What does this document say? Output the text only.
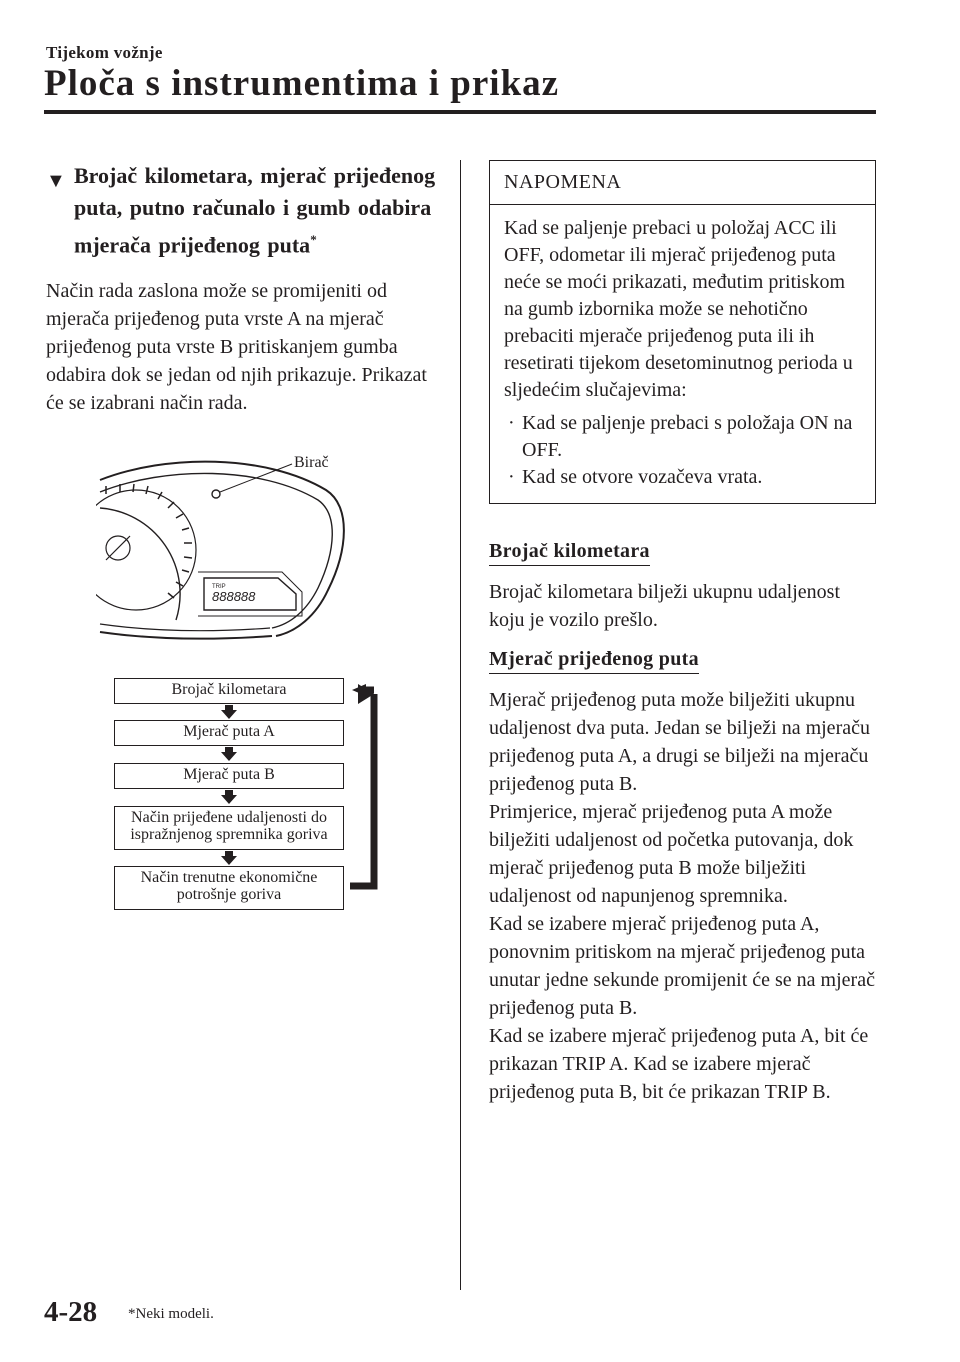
Tijekom vožnje
Ploča s instrumentima i prikaz
▼ Brojač kilometara, mjerač prijeđenog puta, putno računalo i gumb odabira mjerača prijeđenog puta*

Način rada zaslona može se promijeniti od mjerača prijeđenog puta vrste A na mjerač prijeđenog puta vrste B pritiskanjem gumba odabira dok se jedan od njih prikazuje. Prikazat će se izabrani način rada.

TRIP
888888
Birač
Brojač kilometara
Mjerač puta A
Mjerač puta B
Način prijeđene udaljenosti do ispražnjenog spremnika goriva
Način trenutne ekonomične potrošnje goriva
NAPOMENA
Kad se paljenje prebaci u položaj ACC ili OFF, odometar ili mjerač prijeđenog puta neće se moći prikazati, međutim pritiskom na gumb izbornika može se nehotično prebaciti mjerače prijeđenog puta ili ih resetirati tijekom desetominutnog perioda u sljedećim slučajevima:
· Kad se paljenje prebaci s položaja ON na OFF.
· Kad se otvore vozačeva vrata.
Brojač kilometara

Brojač kilometara bilježi ukupnu udaljenost koju je vozilo prešlo.

Mjerač prijeđenog puta

Mjerač prijeđenog puta može bilježiti ukupnu udaljenost dva puta. Jedan se bilježi na mjeraču prijeđenog puta A, a drugi se bilježi na mjeraču prijeđenog puta B.

Primjerice, mjerač prijeđenog puta A može bilježiti udaljenost od početka putovanja, dok mjerač prijeđenog puta B može bilježiti udaljenost od napunjenog spremnika.

Kad se izabere mjerač prijeđenog puta A, ponovnim pritiskom na mjerač prijeđenog puta unutar jedne sekunde promijenit će se na mjerač prijeđenog puta B.

Kad se izabere mjerač prijeđenog puta A, bit će prikazan TRIP A. Kad se izabere mjerač prijeđenog puta B, bit će prikazan TRIP B.

4-28 *Neki modeli.
